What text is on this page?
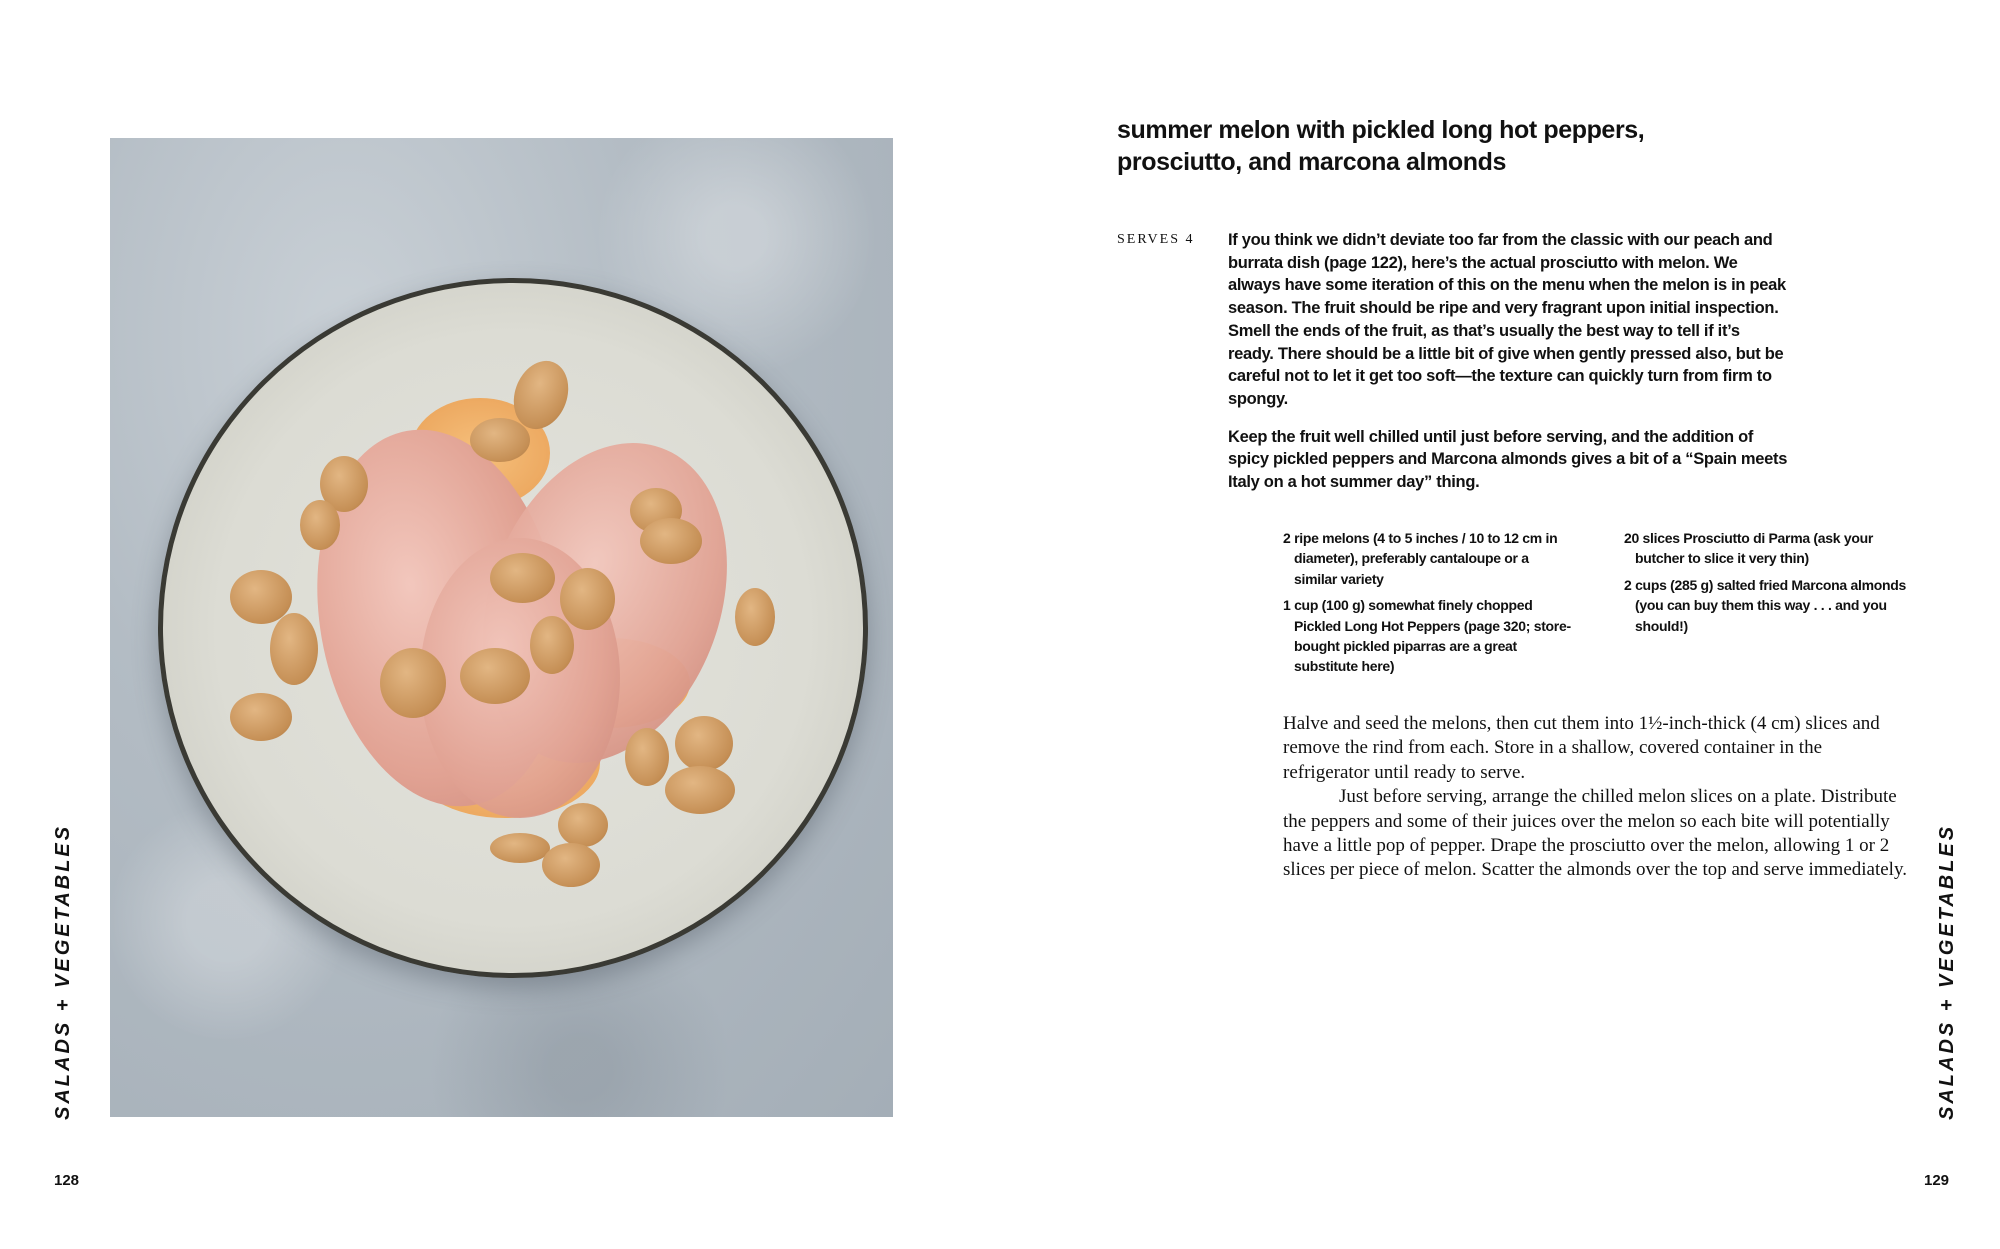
SALADS + VEGETABLES
128
summer melon with pickled long hot peppers,
prosciutto, and marcona almonds
SERVES 4 If you think we didn’t deviate too far from the classic with our peach and burrata dish (page 122), here’s the actual prosciutto with melon. We always have some iteration of this on the menu when the melon is in peak season. The fruit should be ripe and very fragrant upon initial inspection. Smell the ends of the fruit, as that’s usually the best way to tell if it’s ready. There should be a little bit of give when gently pressed also, but be careful not to let it get too soft—the texture can quickly turn from firm to spongy.

Keep the fruit well chilled until just before serving, and the addition of spicy pickled peppers and Marcona almonds gives a bit of a “Spain meets Italy on a hot summer day” thing.

2 ripe melons (4 to 5 inches / 10 to 12 cm in diameter), preferably cantaloupe or a similar variety

1 cup (100 g) somewhat finely chopped Pickled Long Hot Peppers (page 320; store-bought pickled piparras are a great substitute here)

20 slices Prosciutto di Parma (ask your butcher to slice it very thin)

2 cups (285 g) salted fried Marcona almonds (you can buy them this way . . . and you should!)

Halve and seed the melons, then cut them into 1½-inch-thick (4 cm) slices and remove the rind from each. Store in a shallow, covered container in the refrigerator until ready to serve.

Just before serving, arrange the chilled melon slices on a plate. Distribute the peppers and some of their juices over the melon so each bite will potentially have a little pop of pepper. Drape the prosciutto over the melon, allowing 1 or 2 slices per piece of melon. Scatter the almonds over the top and serve immediately.	SALADS + VEGETABLES
129
